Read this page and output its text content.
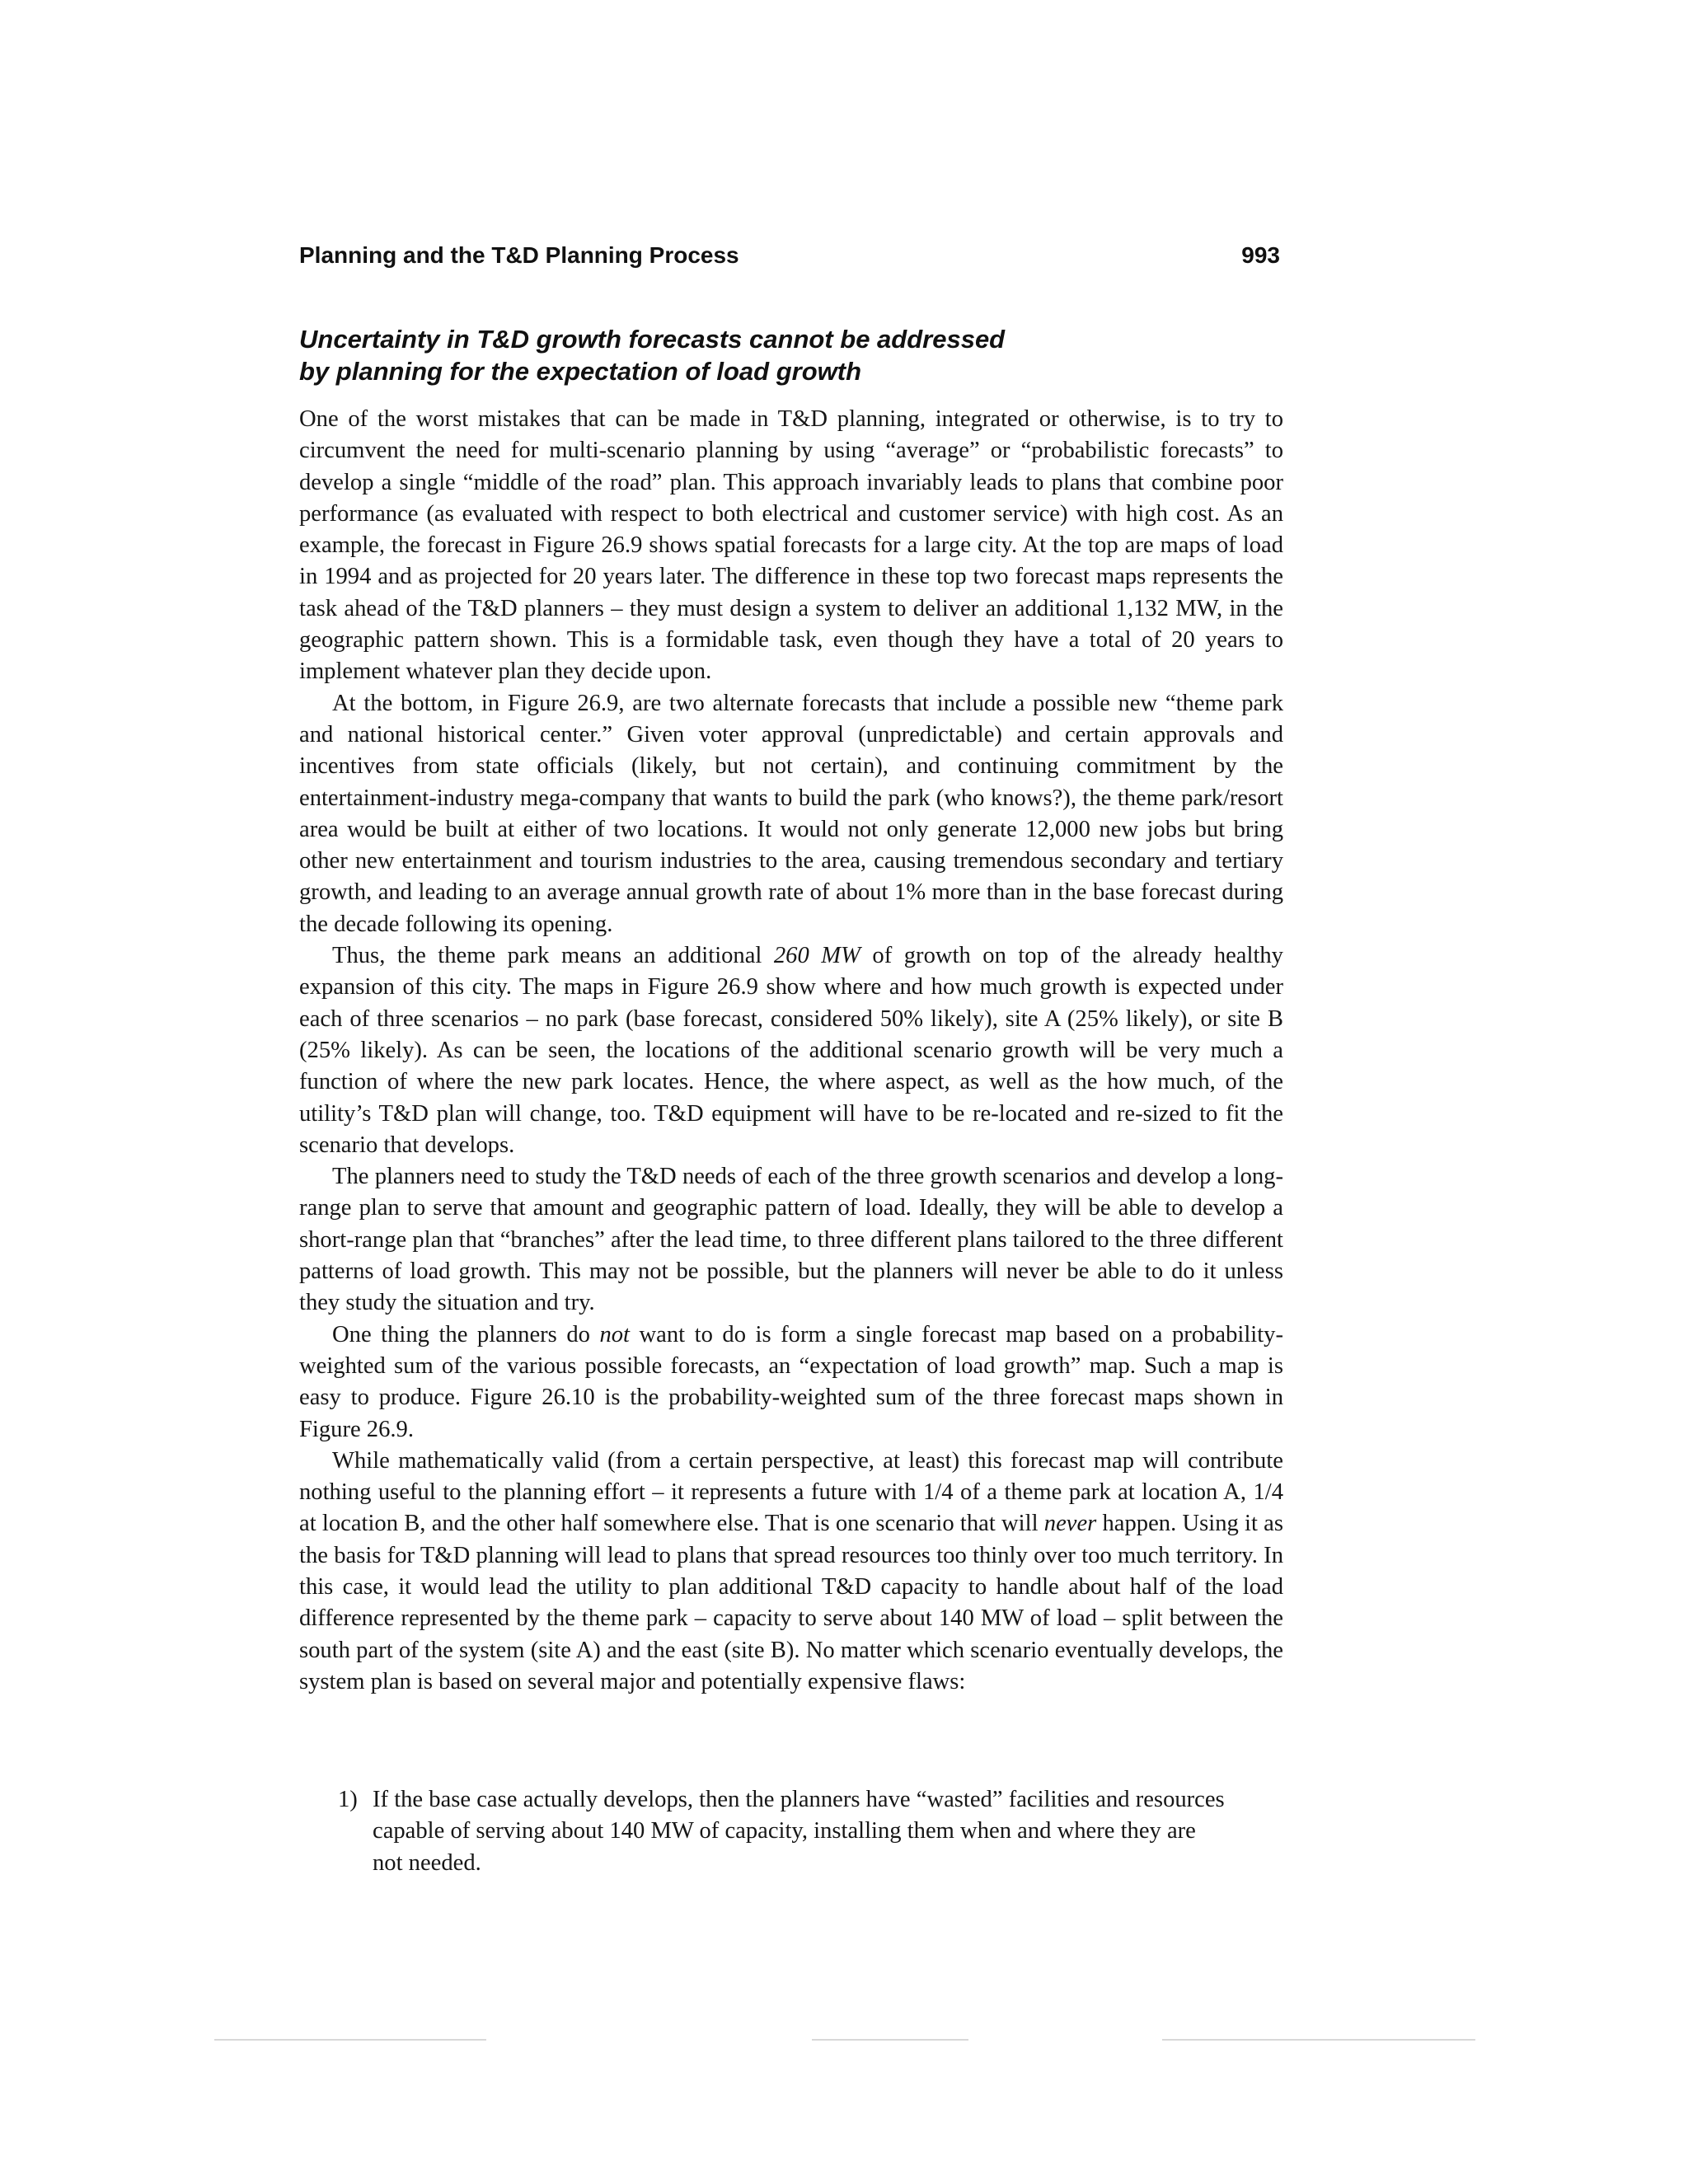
Planning and the T&D Planning Process	993
Uncertainty in T&D growth forecasts cannot be addressed
by planning for the expectation of load growth

One of the worst mistakes that can be made in T&D planning, integrated or otherwise, is to try to circumvent the need for multi-scenario planning by using “average” or “probabilistic forecasts” to develop a single “middle of the road” plan. This approach invariably leads to plans that combine poor performance (as evaluated with respect to both electrical and customer service) with high cost. As an example, the forecast in Figure 26.9 shows spatial forecasts for a large city. At the top are maps of load in 1994 and as projected for 20 years later. The difference in these top two forecast maps represents the task ahead of the T&D planners – they must design a system to deliver an additional 1,132 MW, in the geographic pattern shown. This is a formidable task, even though they have a total of 20 years to implement whatever plan they decide upon.

At the bottom, in Figure 26.9, are two alternate forecasts that include a possible new “theme park and national historical center.” Given voter approval (unpredictable) and certain approvals and incentives from state officials (likely, but not certain), and continuing commitment by the entertainment-industry mega-company that wants to build the park (who knows?), the theme park/resort area would be built at either of two locations. It would not only generate 12,000 new jobs but bring other new entertainment and tourism industries to the area, causing tremendous secondary and tertiary growth, and leading to an average annual growth rate of about 1% more than in the base forecast during the decade following its opening.

Thus, the theme park means an additional 260 MW of growth on top of the already healthy expansion of this city. The maps in Figure 26.9 show where and how much growth is expected under each of three scenarios – no park (base forecast, considered 50% likely), site A (25% likely), or site B (25% likely). As can be seen, the locations of the additional scenario growth will be very much a function of where the new park locates. Hence, the where aspect, as well as the how much, of the utility’s T&D plan will change, too. T&D equipment will have to be re-located and re-sized to fit the scenario that develops.

The planners need to study the T&D needs of each of the three growth scenarios and develop a long-range plan to serve that amount and geographic pattern of load. Ideally, they will be able to develop a short-range plan that “branches” after the lead time, to three different plans tailored to the three different patterns of load growth. This may not be possible, but the planners will never be able to do it unless they study the situation and try.

One thing the planners do not want to do is form a single forecast map based on a probability-weighted sum of the various possible forecasts, an “expectation of load growth” map. Such a map is easy to produce. Figure 26.10 is the probability-weighted sum of the three forecast maps shown in Figure 26.9.

While mathematically valid (from a certain perspective, at least) this forecast map will contribute nothing useful to the planning effort – it represents a future with 1/4 of a theme park at location A, 1/4 at location B, and the other half somewhere else. That is one scenario that will never happen. Using it as the basis for T&D planning will lead to plans that spread resources too thinly over too much territory. In this case, it would lead the utility to plan additional T&D capacity to handle about half of the load difference represented by the theme park – capacity to serve about 140 MW of load – split between the south part of the system (site A) and the east (site B). No matter which scenario eventually develops, the system plan is based on several major and potentially expensive flaws:

1) If the base case actually develops, then the planners have “wasted” facilities and resources capable of serving about 140 MW of capacity, installing them when and where they are not needed.
